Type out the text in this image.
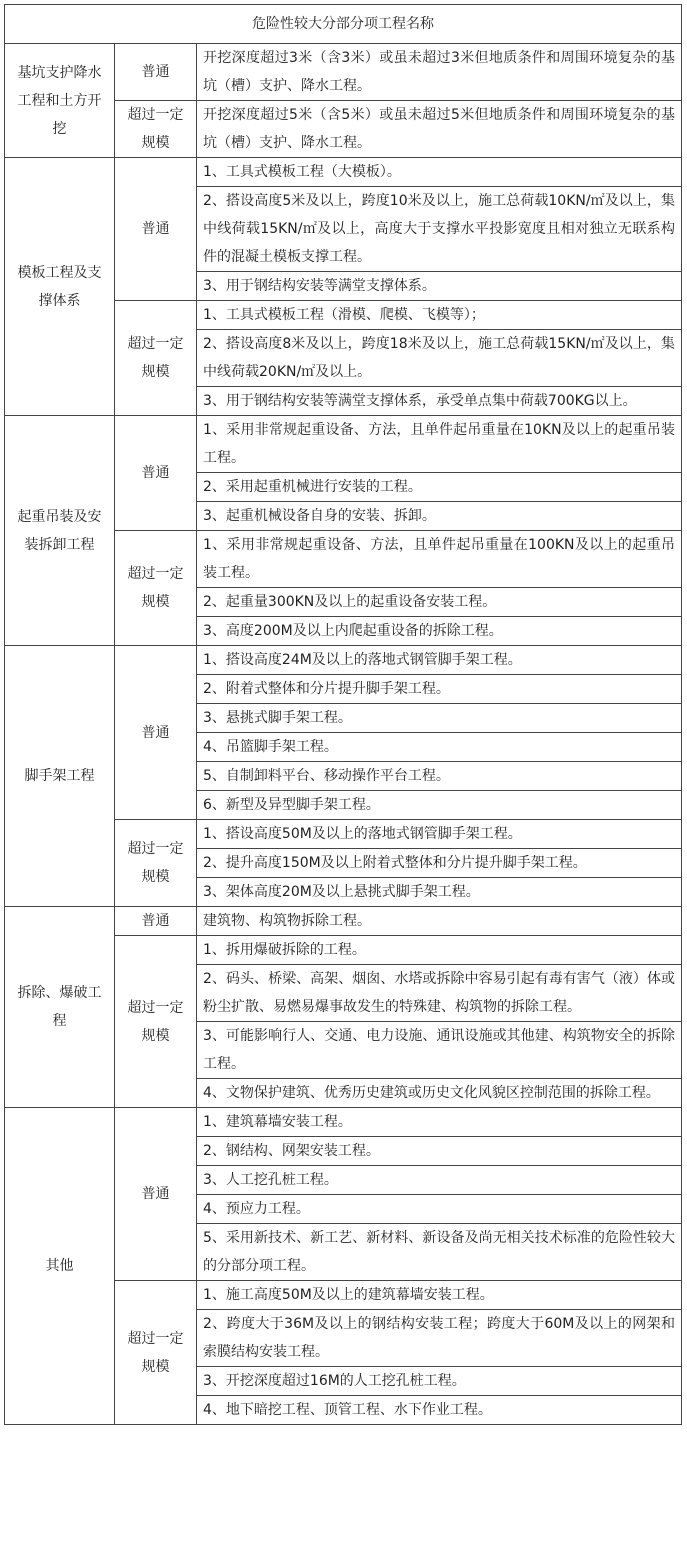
危险性较大分部分项工程名称		
基坑支护降水工程和土方开挖	普通	开挖深度超过3米（含3米）或虽未超过3米但地质条件和周围环境复杂的基坑（槽）支护、降水工程。
	超过一定规模	开挖深度超过5米（含5米）或虽未超过5米但地质条件和周围环境复杂的基坑（槽）支护、降水工程。
模板工程及支撑体系	普通	1、工具式模板工程（大模板）。
		2、搭设高度5米及以上，跨度10米及以上，施工总荷载10KN/㎡及以上，集中线荷载15KN/㎡及以上，高度大于支撑水平投影宽度且相对独立无联系构件的混凝土模板支撑工程。
		3、用于钢结构安装等满堂支撑体系。
	超过一定规模	1、工具式模板工程（滑模、爬模、飞模等）；
		2、搭设高度8米及以上，跨度18米及以上，施工总荷载15KN/㎡及以上，集中线荷载20KN/㎡及以上。
		3、用于钢结构安装等满堂支撑体系，承受单点集中荷载700KG以上。
起重吊装及安装拆卸工程	普通	1、采用非常规起重设备、方法，且单件起吊重量在10KN及以上的起重吊装工程。
		2、采用起重机械进行安装的工程。
		3、起重机械设备自身的安装、拆卸。
	超过一定规模	1、采用非常规起重设备、方法，且单件起吊重量在100KN及以上的起重吊装工程。
		2、起重量300KN及以上的起重设备安装工程。
		3、高度200M及以上内爬起重设备的拆除工程。
脚手架工程	普通	1、搭设高度24M及以上的落地式钢管脚手架工程。
		2、附着式整体和分片提升脚手架工程。
		3、悬挑式脚手架工程。
		4、吊篮脚手架工程。
		5、自制卸料平台、移动操作平台工程。
		6、新型及异型脚手架工程。
	超过一定规模	1、搭设高度50M及以上的落地式钢管脚手架工程。
		2、提升高度150M及以上附着式整体和分片提升脚手架工程。
		3、架体高度20M及以上悬挑式脚手架工程。
拆除、爆破工程	普通	建筑物、构筑物拆除工程。
	超过一定规模	1、拆用爆破拆除的工程。
		2、码头、桥梁、高架、烟囱、水塔或拆除中容易引起有毒有害气（液）体或粉尘扩散、易燃易爆事故发生的特殊建、构筑物的拆除工程。
		3、可能影响行人、交通、电力设施、通讯设施或其他建、构筑物安全的拆除工程。
		4、文物保护建筑、优秀历史建筑或历史文化风貌区控制范围的拆除工程。
其他	普通	1、建筑幕墙安装工程。
		2、钢结构、网架安装工程。
		3、人工挖孔桩工程。
		4、预应力工程。
		5、采用新技术、新工艺、新材料、新设备及尚无相关技术标准的危险性较大的分部分项工程。
	超过一定规模	1、施工高度50M及以上的建筑幕墙安装工程。
		2、跨度大于36M及以上的钢结构安装工程；跨度大于60M及以上的网架和索膜结构安装工程。
		3、开挖深度超过16M的人工挖孔桩工程。
		4、地下暗挖工程、顶管工程、水下作业工程。
